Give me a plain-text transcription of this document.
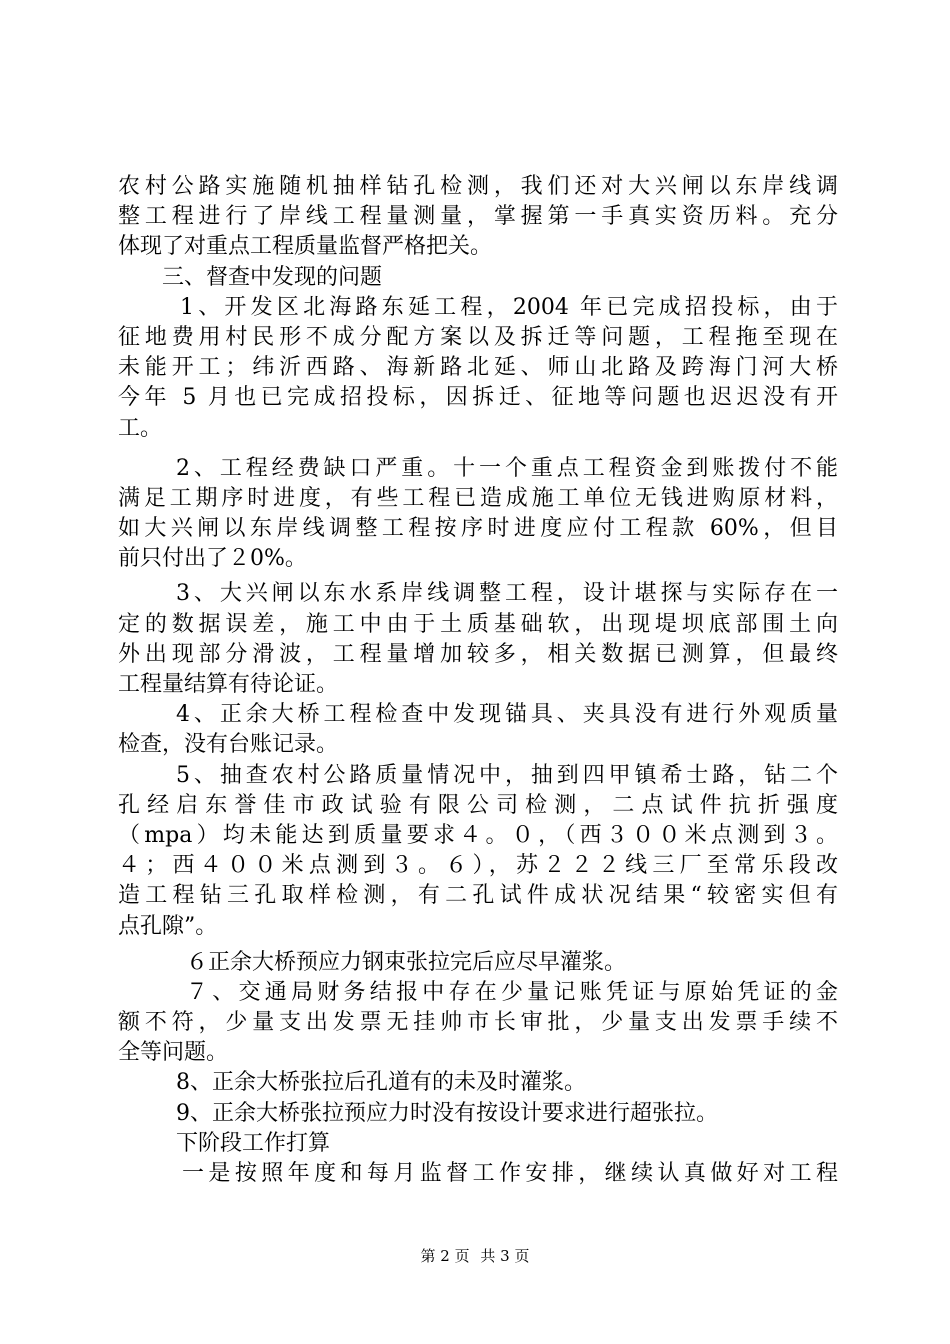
农村公路实施随机抽样钻孔检测，我们还对大兴闸以东岸线调
整工程进行了岸线工程量测量，掌握第一手真实资历料。充分
体现了对重点工程质量监督严格把关。
三、督查中发现的问题
1、开发区北海路东延工程，2004 年已完成招投标，由于
征地费用村民形不成分配方案以及拆迁等问题，工程拖至现在
未能开工；纬沂西路、海新路北延、师山北路及跨海门河大桥
今年 5 月也已完成招投标，因拆迁、征地等问题也迟迟没有开
工。
2、工程经费缺口严重。十一个重点工程资金到账拨付不能
满足工期序时进度，有些工程已造成施工单位无钱进购原材料，
如大兴闸以东岸线调整工程按序时进度应付工程款 60%，但目
前只付出了２0%。
3、大兴闸以东水系岸线调整工程，设计堪探与实际存在一
定的数据误差，施工中由于土质基础软，出现堤坝底部围土向
外出现部分滑波，工程量增加较多，相关数据已测算，但最终
工程量结算有待论证。
4、正余大桥工程检查中发现锚具、夹具没有进行外观质量
检查，没有台账记录。
5、抽查农村公路质量情况中，抽到四甲镇希士路，钻二个
孔经启东誉佳市政试验有限公司检测，二点试件抗折强度
（mpa）均未能达到质量要求４。０，（西３００米点测到３。
４；西４００米点测到３。６），苏２２２线三厂至常乐段改
造工程钻三孔取样检测，有二孔试件成状况结果“较密实但有
点孔隙”。
６正余大桥预应力钢束张拉完后应尽早灌浆。
７、交通局财务结报中存在少量记账凭证与原始凭证的金
额不符，少量支出发票无挂帅市长审批，少量支出发票手续不
全等问题。
8、正余大桥张拉后孔道有的未及时灌浆。
9、正余大桥张拉预应力时没有按设计要求进行超张拉。
下阶段工作打算
一是按照年度和每月监督工作安排，继续认真做好对工程
第 2 页 共 3 页
